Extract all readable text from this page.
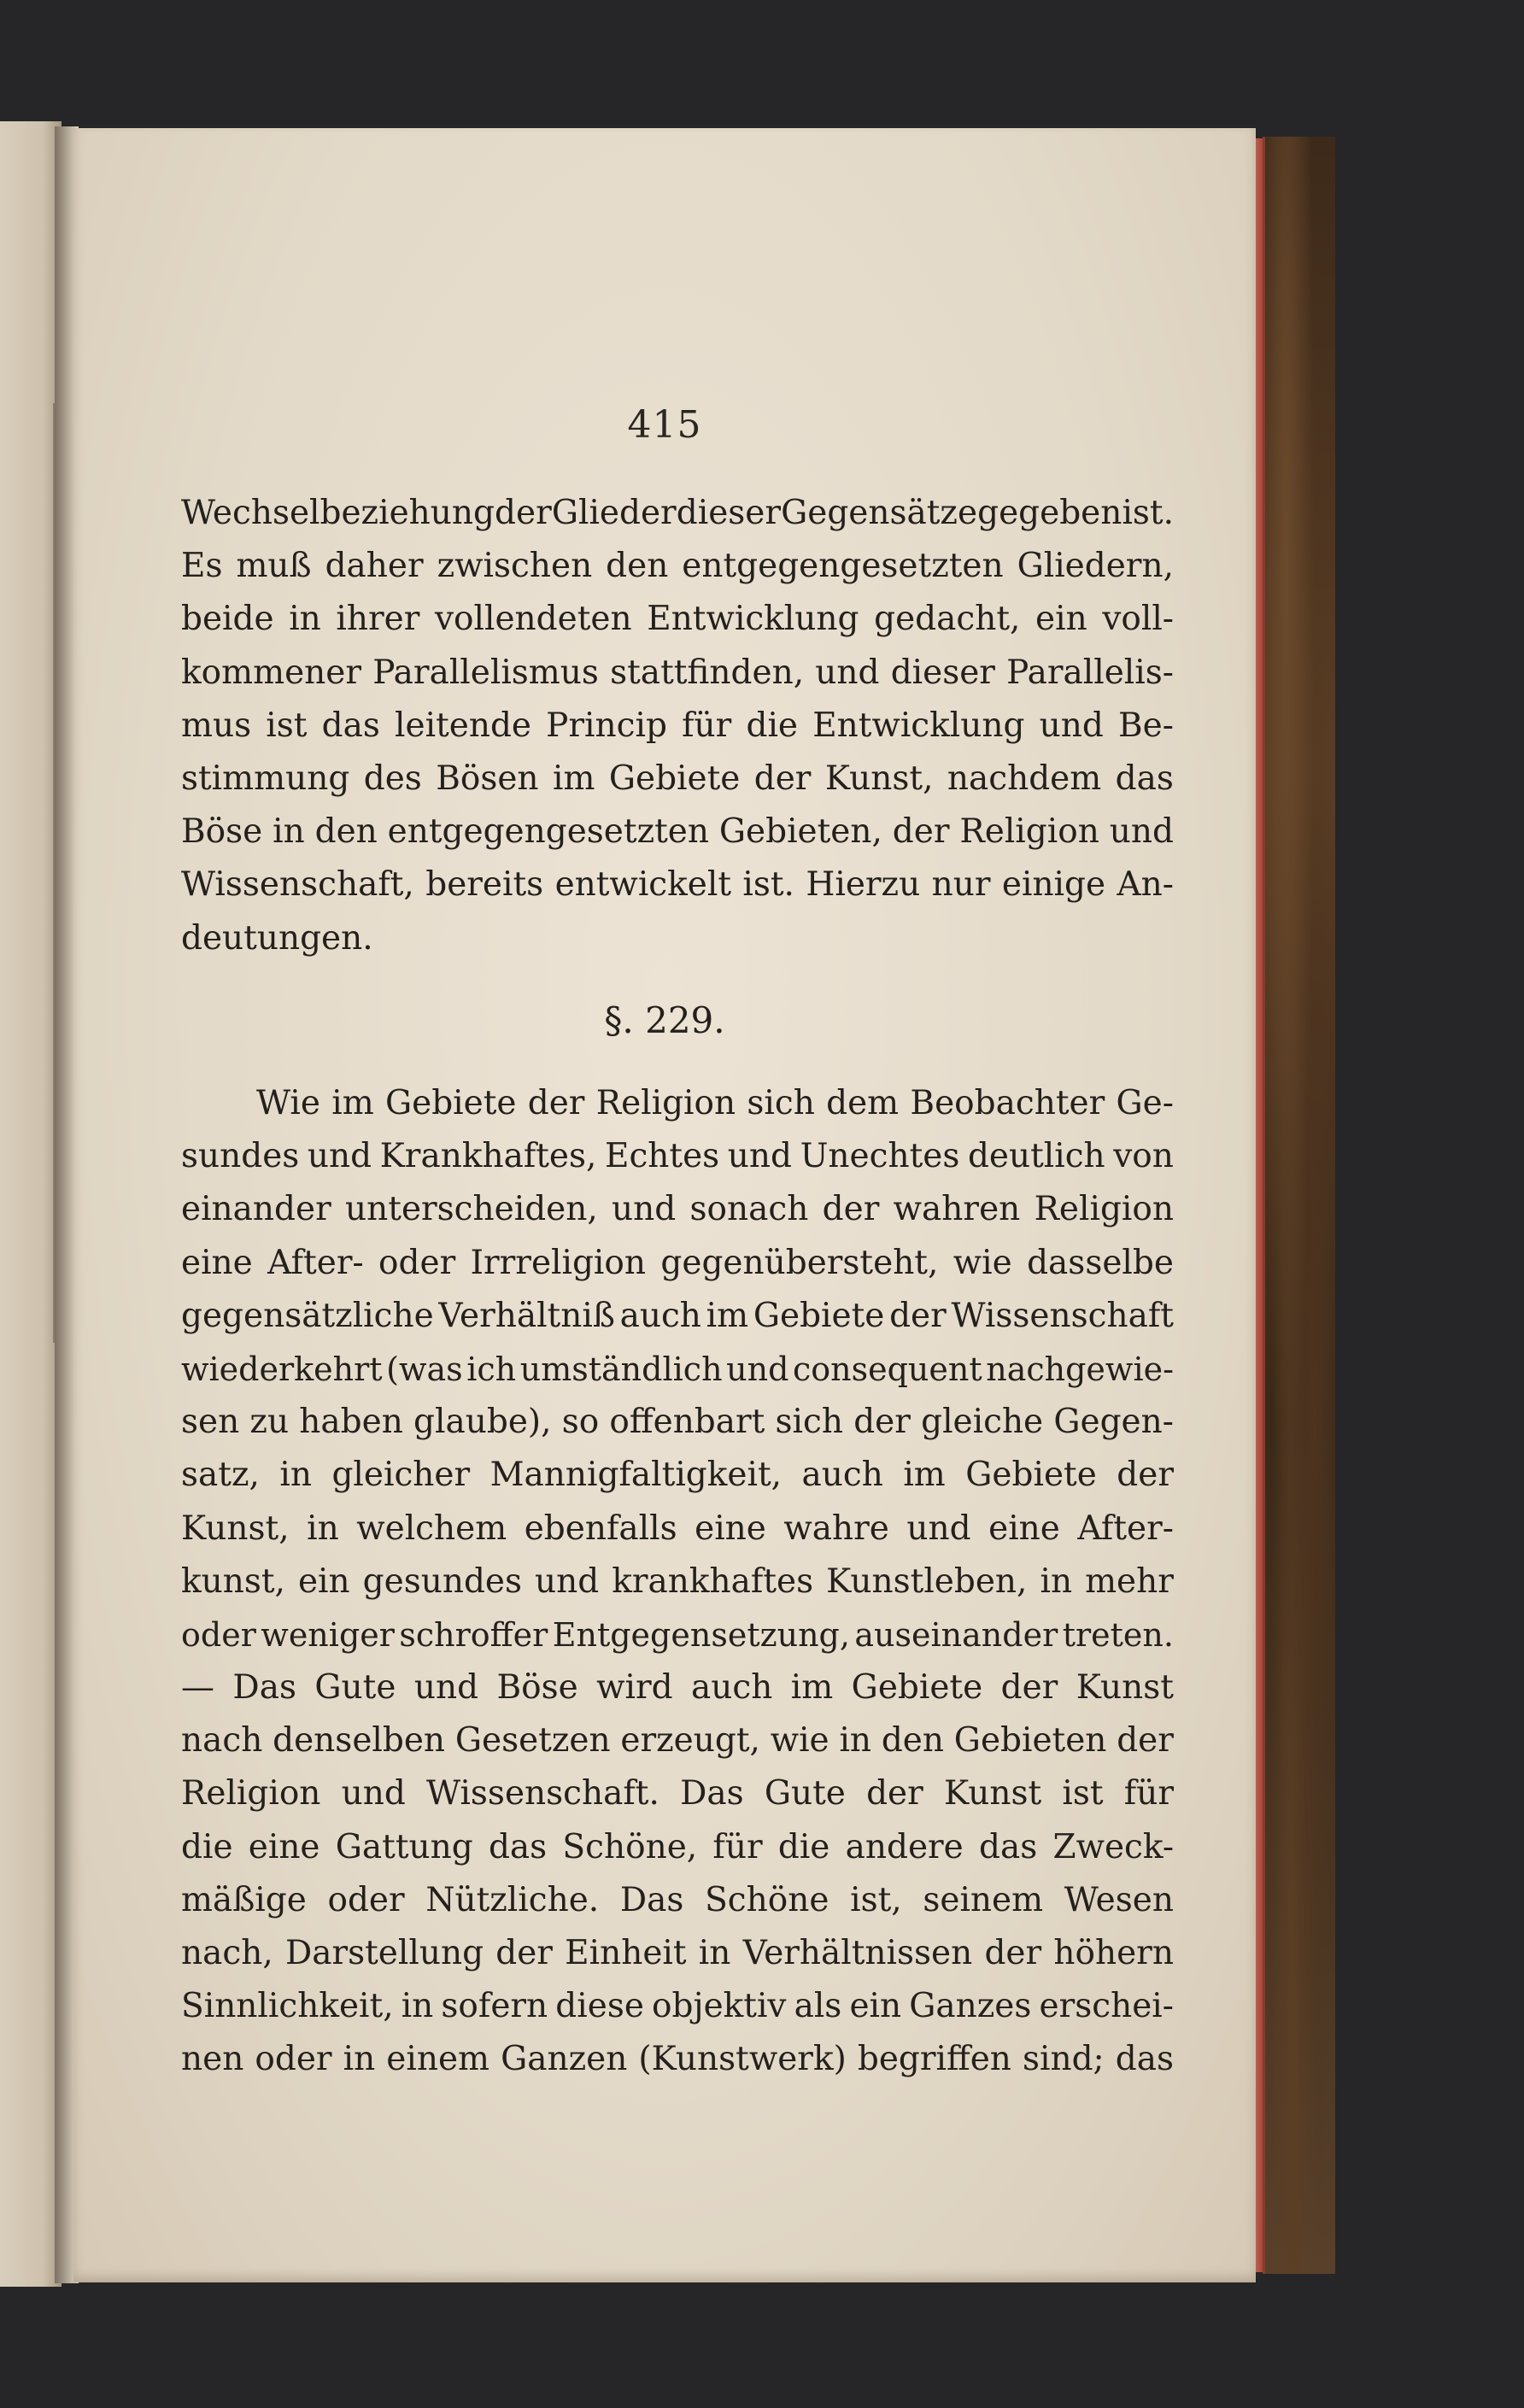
415
Wechselbeziehung der Glieder dieser Gegensätze gegeben ist.
Es muß daher zwischen den entgegengesetzten Gliedern,
beide in ihrer vollendeten Entwicklung gedacht, ein voll-
kommener Parallelismus stattfinden, und dieser Parallelis-
mus ist das leitende Princip für die Entwicklung und Be-
stimmung des Bösen im Gebiete der Kunst, nachdem das
Böse in den entgegengesetzten Gebieten, der Religion und
Wissenschaft, bereits entwickelt ist. Hierzu nur einige An-
deutungen.
§. 229.
Wie im Gebiete der Religion sich dem Beobachter Ge-
sundes und Krankhaftes, Echtes und Unechtes deutlich von
einander unterscheiden, und sonach der wahren Religion
eine After- oder Irrreligion gegenübersteht, wie dasselbe
gegensätzliche Verhältniß auch im Gebiete der Wissenschaft
wiederkehrt (was ich umständlich und consequent nachgewie-
sen zu haben glaube), so offenbart sich der gleiche Gegen-
satz, in gleicher Mannigfaltigkeit, auch im Gebiete der
Kunst, in welchem ebenfalls eine wahre und eine After-
kunst, ein gesundes und krankhaftes Kunstleben, in mehr
oder weniger schroffer Entgegensetzung, auseinander treten.
— Das Gute und Böse wird auch im Gebiete der Kunst
nach denselben Gesetzen erzeugt, wie in den Gebieten der
Religion und Wissenschaft. Das Gute der Kunst ist für
die eine Gattung das Schöne, für die andere das Zweck-
mäßige oder Nützliche. Das Schöne ist, seinem Wesen
nach, Darstellung der Einheit in Verhältnissen der höhern
Sinnlichkeit, in sofern diese objektiv als ein Ganzes erschei-
nen oder in einem Ganzen (Kunstwerk) begriffen sind; das
